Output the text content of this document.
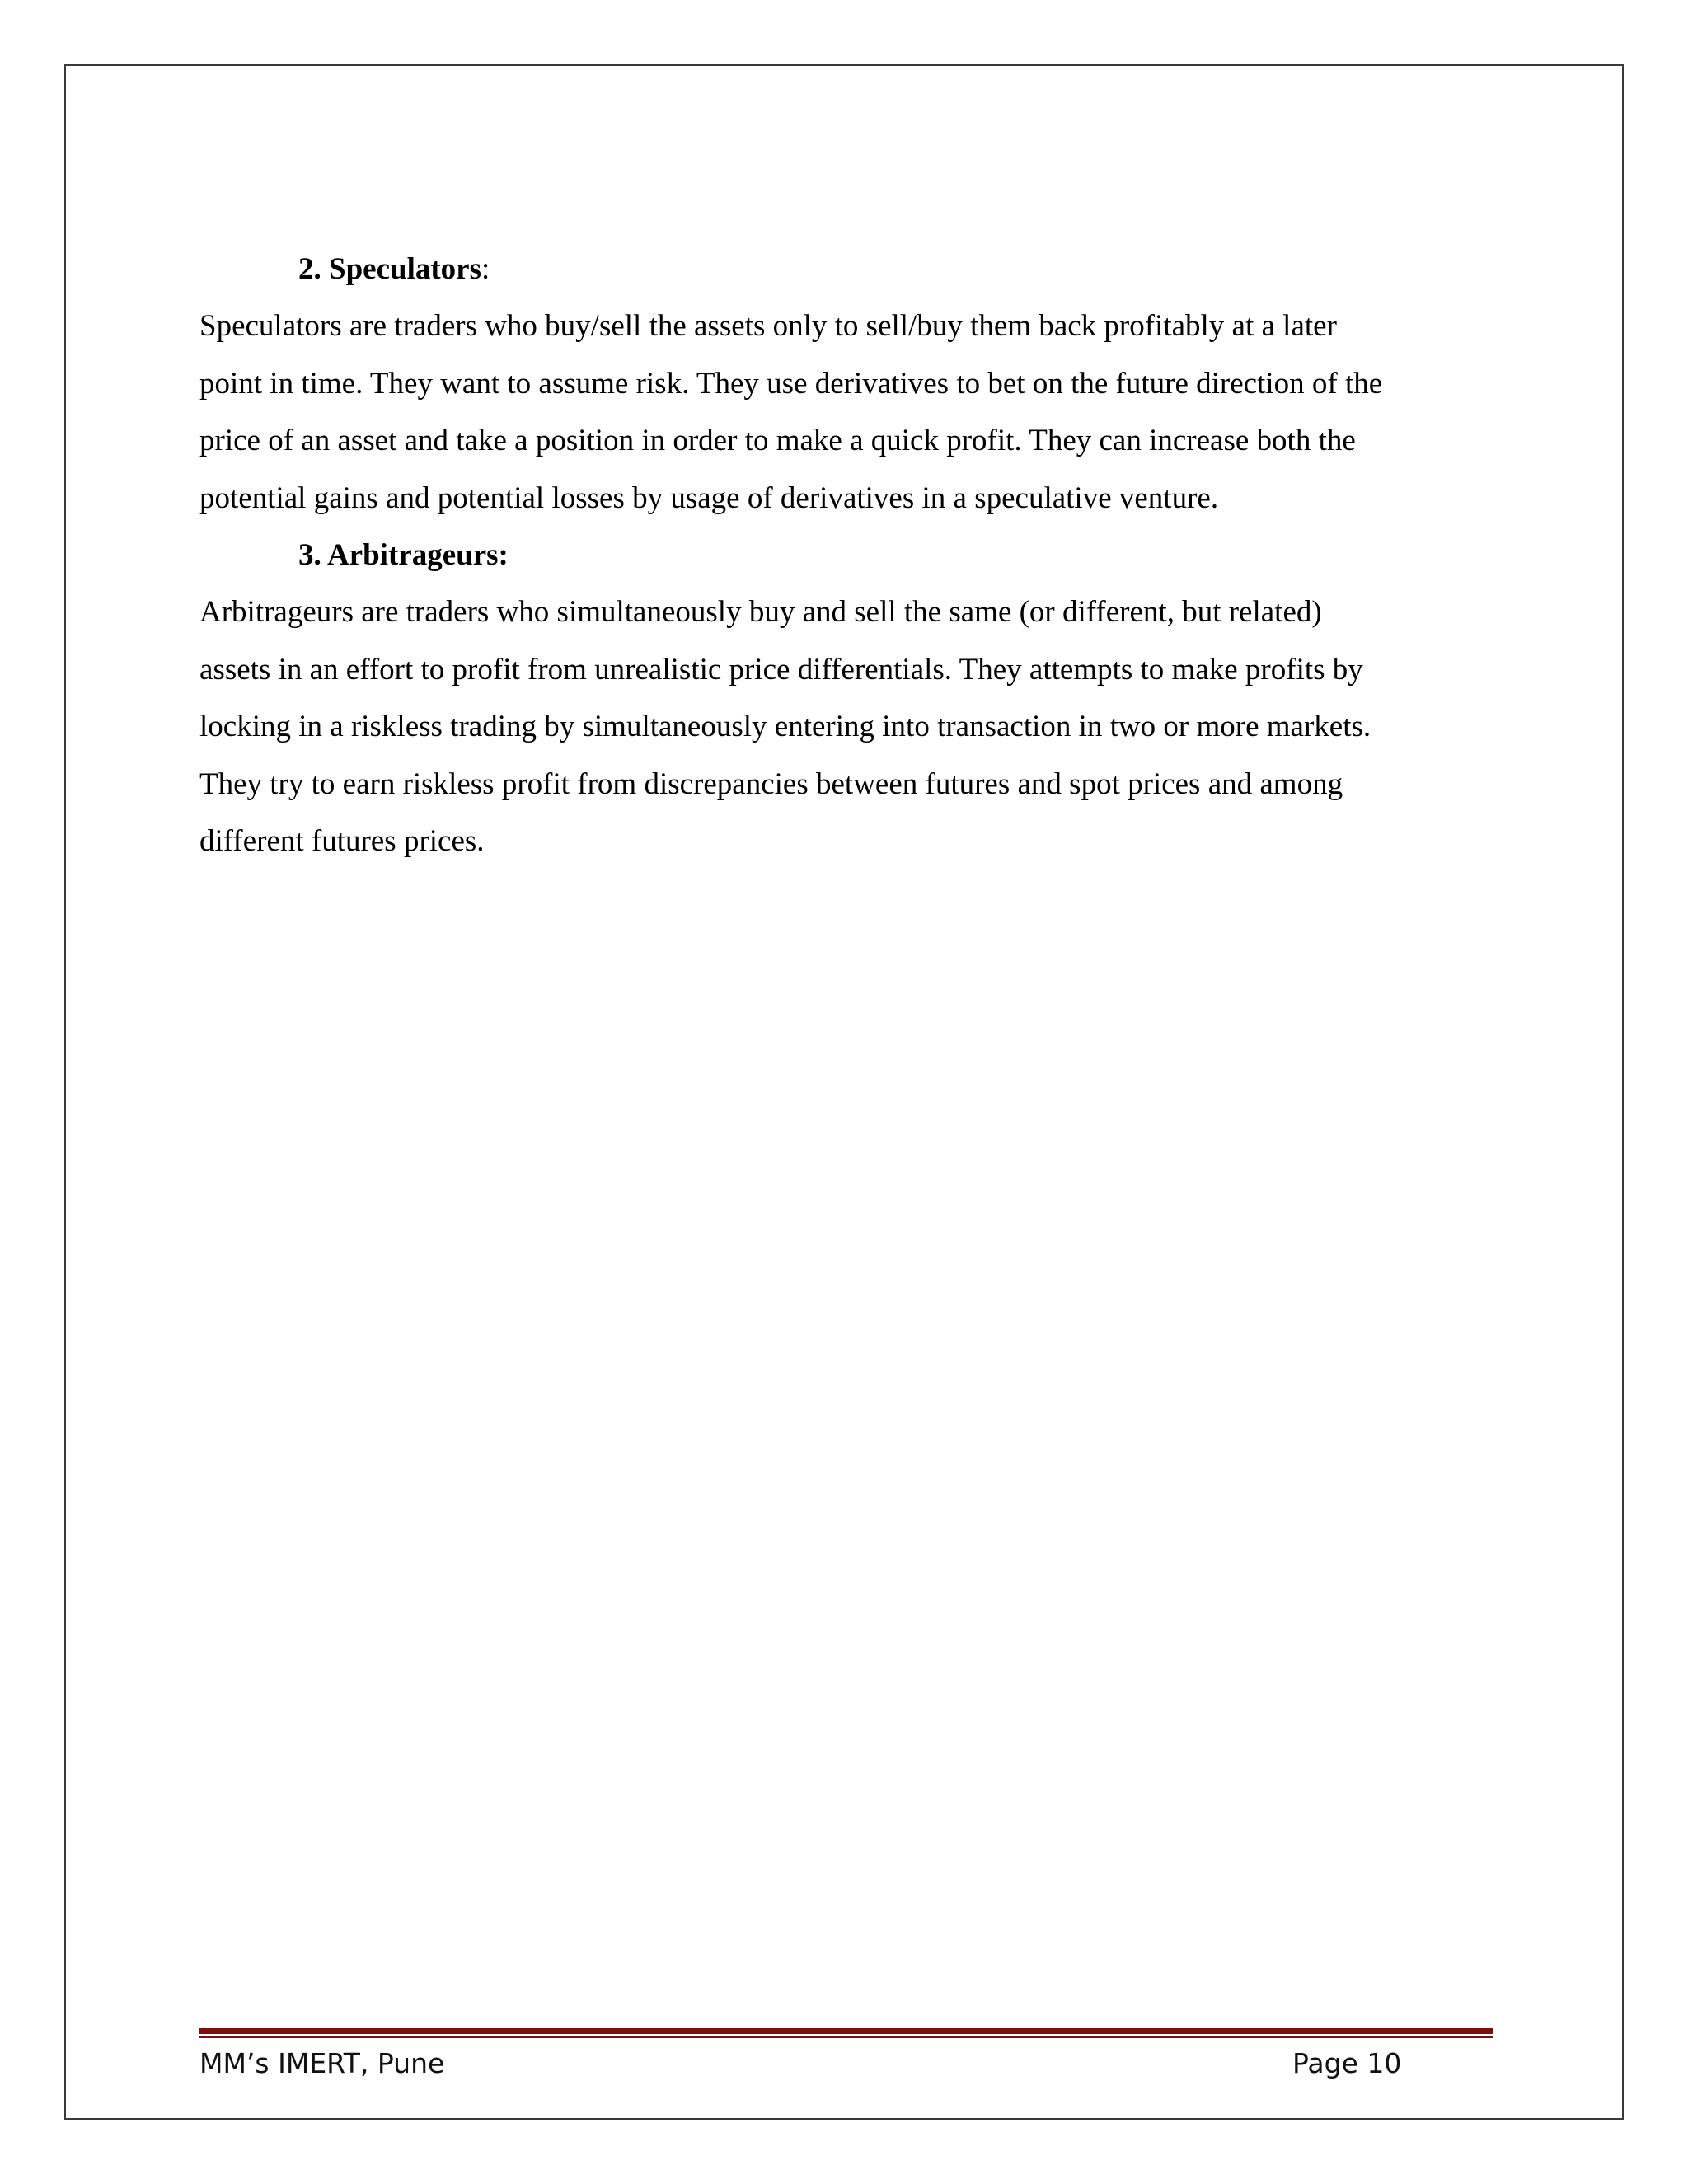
2. Speculators:

Speculators are traders who buy/sell the assets only to sell/buy them back profitably at a later
point in time. They want to assume risk. They use derivatives to bet on the future direction of the
price of an asset and take a position in order to make a quick profit. They can increase both the
potential gains and potential losses by usage of derivatives in a speculative venture.

3. Arbitrageurs:

Arbitrageurs are traders who simultaneously buy and sell the same (or different, but related)
assets in an effort to profit from unrealistic price differentials. They attempts to make profits by
locking in a riskless trading by simultaneously entering into transaction in two or more markets.
They try to earn riskless profit from discrepancies between futures and spot prices and among
different futures prices.

MM’s IMERT, Pune	Page 10
